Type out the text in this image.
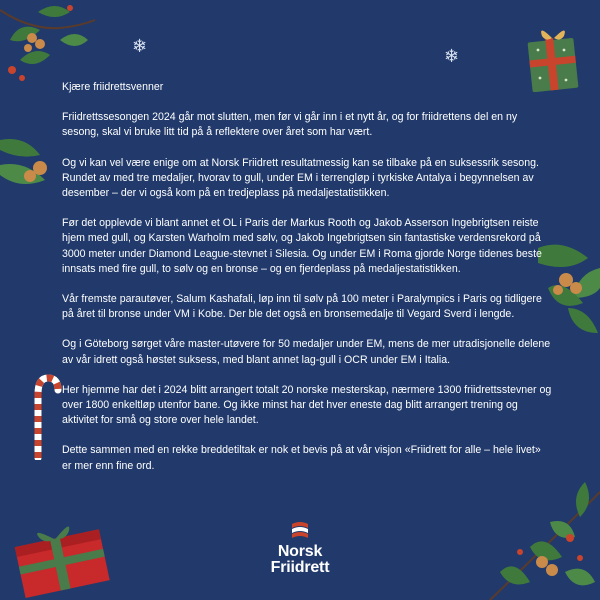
❄	❄

Kjære friidrettsvenner

Friidrettssesongen 2024 går mot slutten, men før vi går inn i et nytt år, og for friidrettens del en ny sesong, skal vi bruke litt tid på å reflektere over året som har vært.

Og vi kan vel være enige om at Norsk Friidrett resultatmessig kan se tilbake på en suksessrik sesong. Rundet av med tre medaljer, hvorav to gull, under EM i terrengløp i tyrkiske Antalya i begynnelsen av desember – der vi også kom på en tredjeplass på medaljestatistikken.

Før det opplevde vi blant annet et OL i Paris der Markus Rooth og Jakob Asserson Ingebrigtsen reiste hjem med gull, og Karsten Warholm med sølv, og Jakob Ingebrigtsen sin fantastiske verdensrekord på 3000 meter under Diamond League-stevnet i Silesia. Og under EM i Roma gjorde Norge tidenes beste innsats med fire gull, to sølv og en bronse – og en fjerdeplass på medaljestatistikken.

Vår fremste parautøver, Salum Kashafali, løp inn til sølv på 100 meter i Paralympics i Paris og tidligere på året til bronse under VM i Kobe. Der ble det også en bronsemedalje til Vegard Sverd i lengde.

Og i Göteborg sørget våre master-utøvere for 50 medaljer under EM, mens de mer utradisjonelle delene av vår idrett også høstet suksess, med blant annet lag-gull i OCR under EM i Italia.

Her hjemme har det i 2024 blitt arrangert totalt 20 norske mesterskap, nærmere 1300 friidrettsstevner og over 1800 enkeltløp utenfor bane. Og ikke minst har det hver eneste dag blitt arrangert trening og aktivitet for små og store over hele landet.

Dette sammen med en rekke breddetiltak er nok et bevis på at vår visjon «Friidrett for alle – hele livet» er mer enn fine ord.

Norsk
Friidrett
